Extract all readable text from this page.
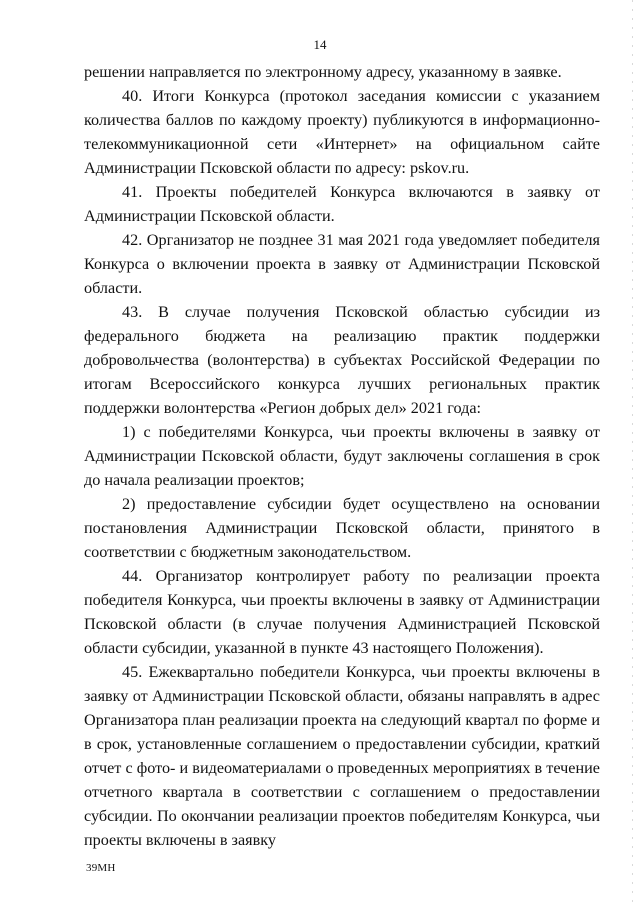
14

решении направляется по электронному адресу, указанному в заявке.

40. Итоги Конкурса (протокол заседания комиссии с указанием количества баллов по каждому проекту) публикуются в информационно-телекоммуникационной сети «Интернет» на официальном сайте Администрации Псковской области по адресу: pskov.ru.

41. Проекты победителей Конкурса включаются в заявку от Администрации Псковской области.

42. Организатор не позднее 31 мая 2021 года уведомляет победителя Конкурса о включении проекта в заявку от Администрации Псковской области.

43. В случае получения Псковской областью субсидии из федерального бюджета на реализацию практик поддержки добровольчества (волонтерства) в субъектах Российской Федерации по итогам Всероссийского конкурса лучших региональных практик поддержки волонтерства «Регион добрых дел» 2021 года:

1) с победителями Конкурса, чьи проекты включены в заявку от Администрации Псковской области, будут заключены соглашения в срок до начала реализации проектов;

2) предоставление субсидии будет осуществлено на основании постановления Администрации Псковской области, принятого в соответствии с бюджетным законодательством.

44. Организатор контролирует работу по реализации проекта победителя Конкурса, чьи проекты включены в заявку от Администрации Псковской области (в случае получения Администрацией Псковской области субсидии, указанной в пункте 43 настоящего Положения).

45. Ежеквартально победители Конкурса, чьи проекты включены в заявку от Администрации Псковской области, обязаны направлять в адрес Организатора план реализации проекта на следующий квартал по форме и в срок, установленные соглашением о предоставлении субсидии, краткий отчет с фото- и видеоматериалами о проведенных мероприятиях в течение отчетного квартала в соответствии с соглашением о предоставлении субсидии. По окончании реализации проектов победителям Конкурса, чьи проекты включены в заявку

39МН
